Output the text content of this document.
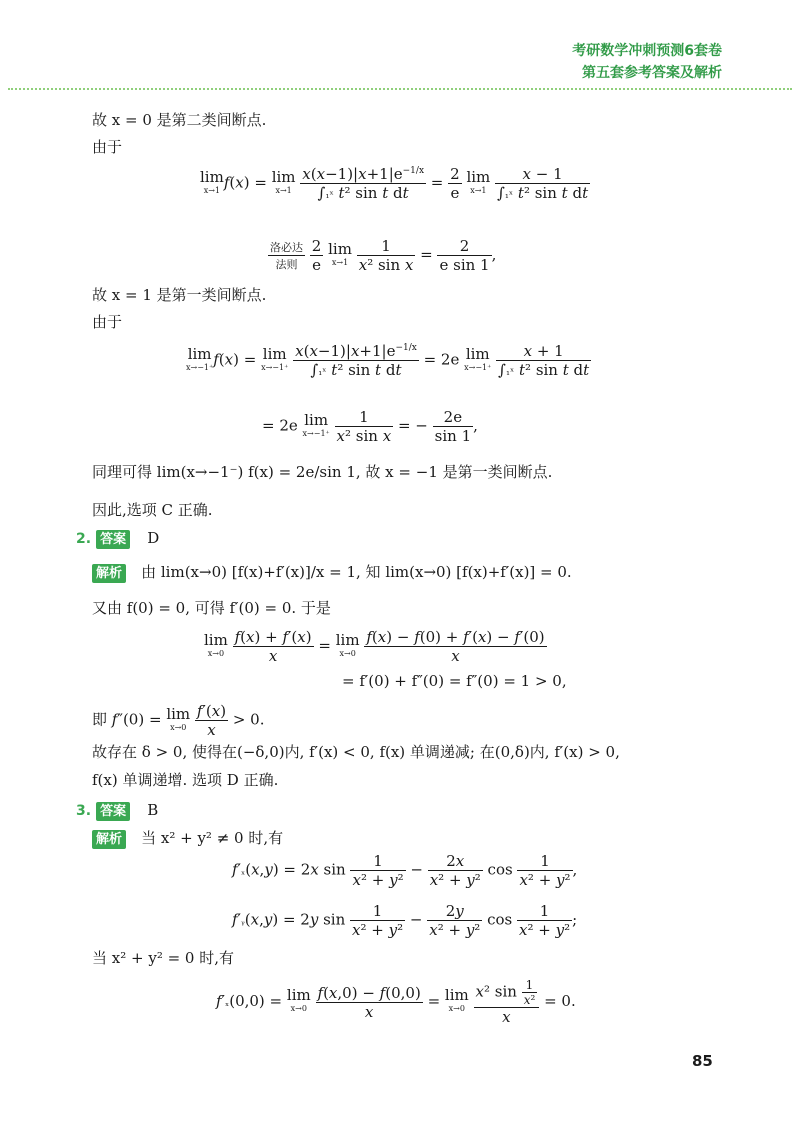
考研数学冲刺预测6套卷
第五套参考答案及解析
故 x = 0 是第二类间断点.
由于
lim
x→1 f(x) = lim
x→1
$\frac{x(x-1)|x+1|e^{-1/x}}{\text{∫₁ˣ t² sin t dt}} = \frac{2}{e}$ lim
x→1
$\frac{x - 1}{\text{∫₁ˣ t² sin t dt}}$
$\frac{\text{洛必达}}{\text{法则}}$
$\frac{2}{e}$ lim
x→1
$\frac{1}{\text{x² sin x}} = \frac{2}{\text{e sin 1}}$ ,
故 x = 1 是第一类间断点.
由于
lim
x→−1⁺ f(x) = lim
x→−1⁺
$\frac{x(x-1)|x+1|e^{-1/x}}{\text{∫₁ˣ t² sin t dt}} = 2e$ lim
x→−1⁺
$\frac{x + 1}{\text{∫₁ˣ t² sin t dt}}$
= 2e lim
x→−1⁺
$\frac{1}{\text{x² sin x}}$ = − $\frac{2e}{\sin 1}$ ,
同理可得 lim(x→−1⁻) f(x) = 2e/sin 1, 故 x = −1 是第一类间断点.
因此,选项 C 正确.
2. 答案 D
解析 由 lim(x→0) [f(x)+f′(x)]/x = 1, 知 lim(x→0) [f(x)+f′(x)] = 0.
又由 f(0) = 0, 可得 f′(0) = 0. 于是
lim
x→0
$\frac{f(x) + f'(x)}{x} = \lim$
x→0
$\frac{f(x) - f(0) + f'(x) - f'(0)}{x}$
= f′(0) + f″(0) = f″(0) = 1 > 0,
即 f″(0) = lim
x→0
$\frac{f'(x)}{x} > 0$.
故存在 δ > 0, 使得在(−δ,0)内, f′(x) < 0, f(x) 单调递减; 在(0,δ)内, f′(x) > 0,
f(x) 单调递增. 选项 D 正确.
3. 答案 B
解析 当 x² + y² ≠ 0 时,有
f′ₓ(x,y) = 2x $\sin \frac{1}{\text{x² + y²}} - \frac{2x}{\text{x² + y²}}$ $\cos \frac{1}{\text{x² + y²}}$ ,
f′ᵧ(x,y) = 2y $\sin \frac{1}{\text{x² + y²}} - \frac{2y}{\text{x² + y²}}$ $\cos \frac{1}{\text{x² + y²}}$ ;
当 x² + y² = 0 时,有
f′ₓ(0,0) = lim
x→0
$\frac{f(x,0) - f(0,0)}{x} = \lim$
x→0
$\frac{x^2 \sin \frac{1}{\text{x²}}}{x} = 0$.
85
